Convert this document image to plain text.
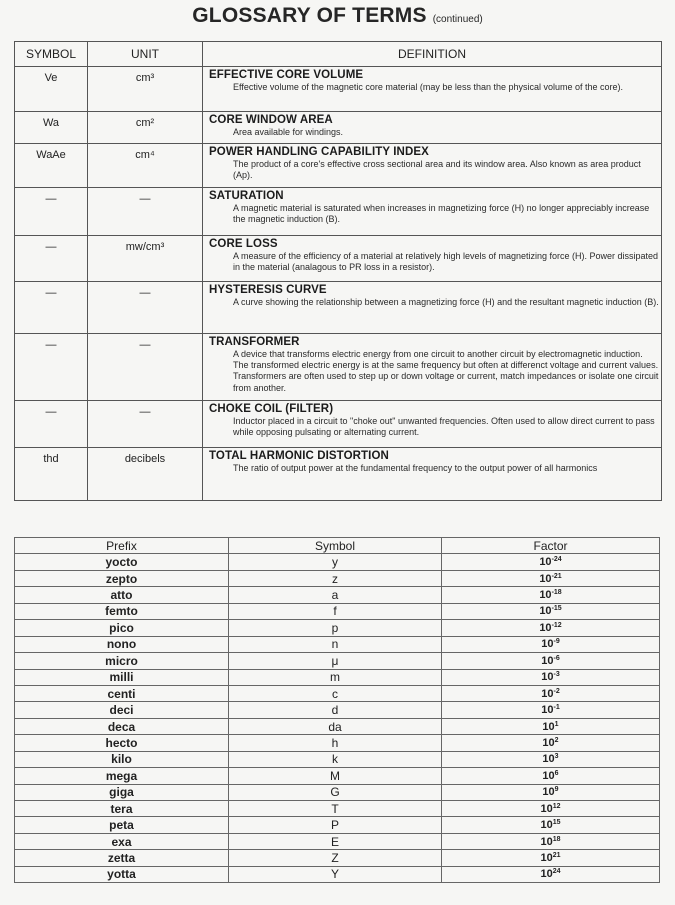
GLOSSARY OF TERMS (continued)
SYMBOL	UNIT	DEFINITION
Ve	cm³	EFFECTIVE CORE VOLUME
Effective volume of the magnetic core material (may be less than the physical volume of the core).

Wa	cm²	CORE WINDOW AREA
Area available for windings.

WaAe	cm⁴	POWER HANDLING CAPABILITY INDEX
The product of a core's effective cross sectional area and its window area. Also known as area product (Ap).

—	—	SATURATION
A magnetic material is saturated when increases in magnetizing force (H) no longer appreciably increase the magnetic induction (B).

—	mw/cm³	CORE LOSS
A measure of the efficiency of a material at relatively high levels of magnetizing force (H). Power dissipated in the material (analagous to PR loss in a resistor).

—	—	HYSTERESIS CURVE
A curve showing the relationship between a magnetizing force (H) and the resultant magnetic induction (B).

—	—	TRANSFORMER
A device that transforms electric energy from one circuit to another circuit by electromagnetic induction. The transformed electric energy is at the same frequency but often at differenct voltage and current values. Transformers are often used to step up or down voltage or current, match impedances or isolate one circuit from another.

—	—	CHOKE COIL (FILTER)
Inductor placed in a circuit to "choke out" unwanted frequencies. Often used to allow direct current to pass while opposing pulsating or alternating current.

thd	decibels	TOTAL HARMONIC DISTORTION
The ratio of output power at the fundamental frequency to the output power of all harmonics
Prefix	Symbol	Factor
yocto	y	$10^{-24}$
zepto	z	$10^{-21}$
atto	a	$10^{-18}$
femto	f	$10^{-15}$
pico	p	$10^{-12}$
nono	n	$10^{-9}$
micro	μ	$10^{-6}$
milli	m	$10^{-3}$
centi	c	$10^{-2}$
deci	d	$10^{-1}$
deca	da	$10^1$
hecto	h	$10^2$
kilo	k	$10^3$
mega	M	$10^6$
giga	G	$10^9$
tera	T	$10^{12}$
peta	P	$10^{15}$
exa	E	$10^{18}$
zetta	Z	$10^{21}$
yotta	Y	$10^{24}$
